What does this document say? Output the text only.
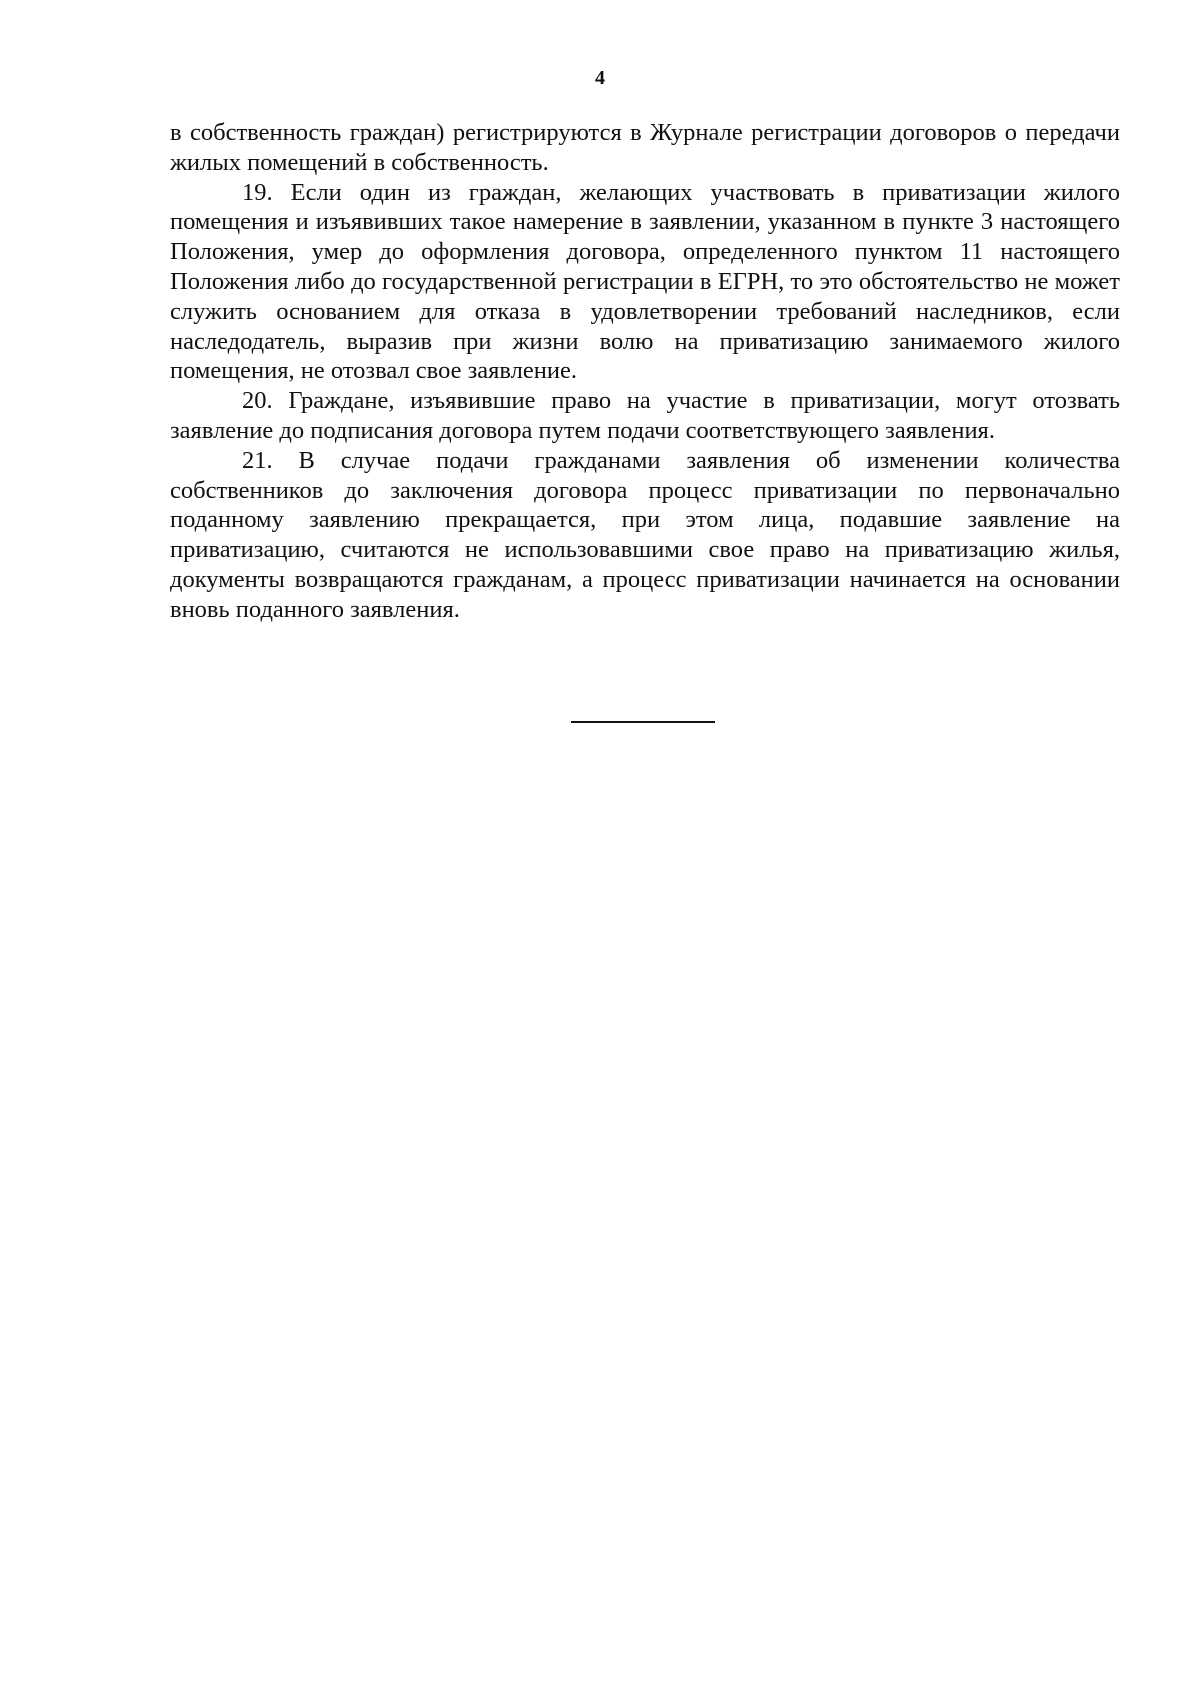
4

в собственность граждан) регистрируются в Журнале регистрации договоров о передачи жилых помещений в собственность.

19. Если один из граждан, желающих участвовать в приватизации жилого помещения и изъявивших такое намерение в заявлении, указанном в пункте 3 настоящего Положения, умер до оформления договора, определенного пунктом 11 настоящего Положения либо до государственной регистрации в ЕГРН, то это обстоятельство не может служить основанием для отказа в удовлетворении требований наследников, если наследодатель, выразив при жизни волю на приватизацию занимаемого жилого помещения, не отозвал свое заявление.

20. Граждане, изъявившие право на участие в приватизации, могут отозвать заявление до подписания договора путем подачи соответствующего заявления.

21. В случае подачи гражданами заявления об изменении количества собственников до заключения договора процесс приватизации по первоначально поданному заявлению прекращается, при этом лица, подавшие заявление на приватизацию, считаются не использовавшими свое право на приватизацию жилья, документы возвращаются гражданам, а процесс приватизации начинается на основании вновь поданного заявления.
